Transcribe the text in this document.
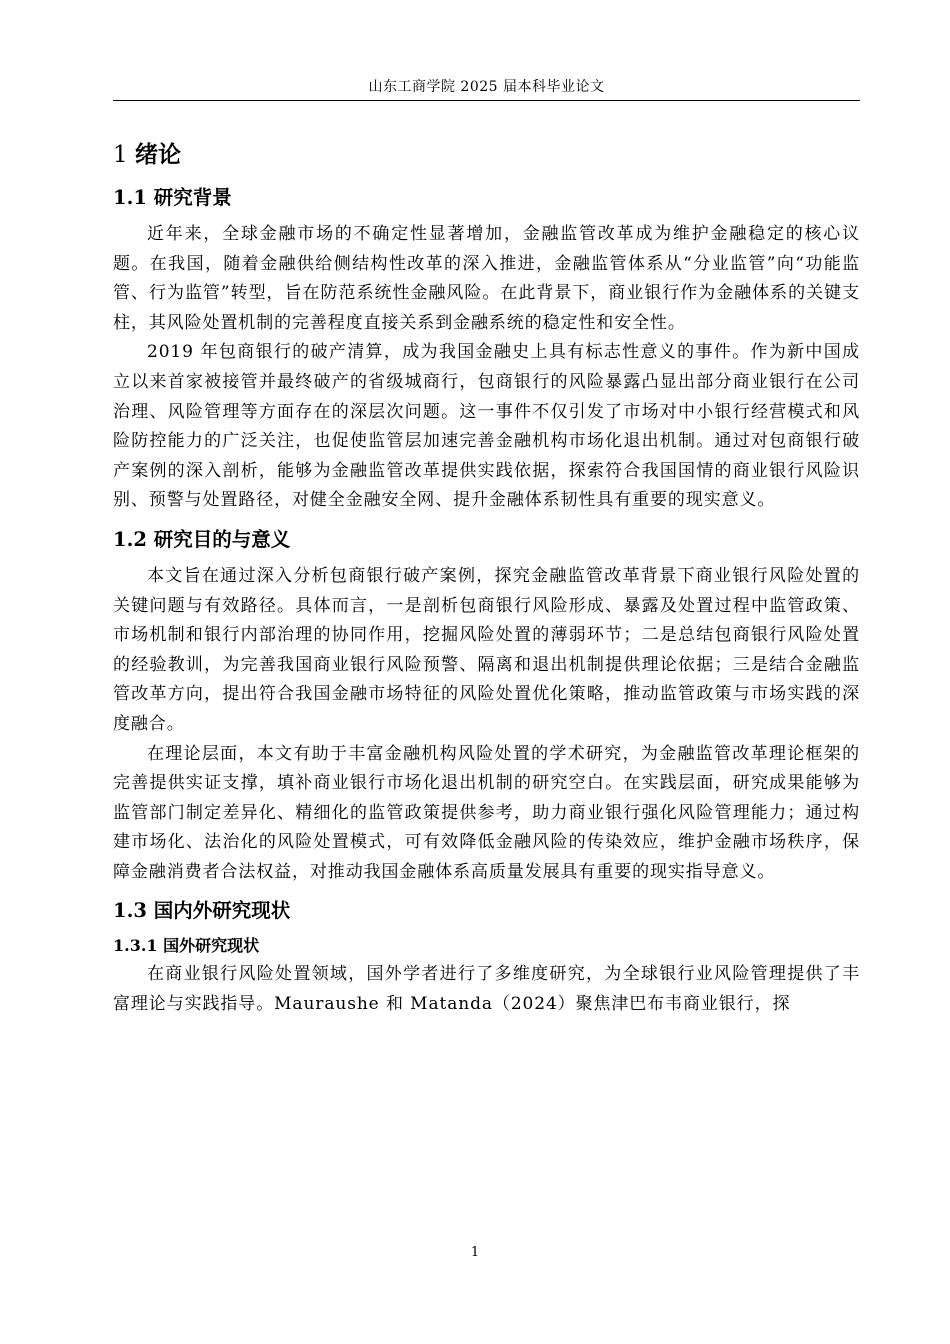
山东工商学院 2025 届本科毕业论文
1 绪论
1.1 研究背景

近年来，全球金融市场的不确定性显著增加，金融监管改革成为维护金融稳定的核心议题。在我国，随着金融供给侧结构性改革的深入推进，金融监管体系从“分业监管”向“功能监管、行为监管”转型，旨在防范系统性金融风险。在此背景下，商业银行作为金融体系的关键支柱，其风险处置机制的完善程度直接关系到金融系统的稳定性和安全性。

2019 年包商银行的破产清算，成为我国金融史上具有标志性意义的事件。作为新中国成立以来首家被接管并最终破产的省级城商行，包商银行的风险暴露凸显出部分商业银行在公司治理、风险管理等方面存在的深层次问题。这一事件不仅引发了市场对中小银行经营模式和风险防控能力的广泛关注，也促使监管层加速完善金融机构市场化退出机制。通过对包商银行破产案例的深入剖析，能够为金融监管改革提供实践依据，探索符合我国国情的商业银行风险识别、预警与处置路径，对健全金融安全网、提升金融体系韧性具有重要的现实意义。

1.2 研究目的与意义

本文旨在通过深入分析包商银行破产案例，探究金融监管改革背景下商业银行风险处置的关键问题与有效路径。具体而言，一是剖析包商银行风险形成、暴露及处置过程中监管政策、市场机制和银行内部治理的协同作用，挖掘风险处置的薄弱环节；二是总结包商银行风险处置的经验教训，为完善我国商业银行风险预警、隔离和退出机制提供理论依据；三是结合金融监管改革方向，提出符合我国金融市场特征的风险处置优化策略，推动监管政策与市场实践的深度融合。

在理论层面，本文有助于丰富金融机构风险处置的学术研究，为金融监管改革理论框架的完善提供实证支撑，填补商业银行市场化退出机制的研究空白。在实践层面，研究成果能够为监管部门制定差异化、精细化的监管政策提供参考，助力商业银行强化风险管理能力；通过构建市场化、法治化的风险处置模式，可有效降低金融风险的传染效应，维护金融市场秩序，保障金融消费者合法权益，对推动我国金融体系高质量发展具有重要的现实指导意义。

1.3 国内外研究现状
1.3.1 国外研究现状

在商业银行风险处置领域，国外学者进行了多维度研究，为全球银行业风险管理提供了丰富理论与实践指导。Mauraushe 和 Matanda（2024）聚焦津巴布韦商业银行，探

1
